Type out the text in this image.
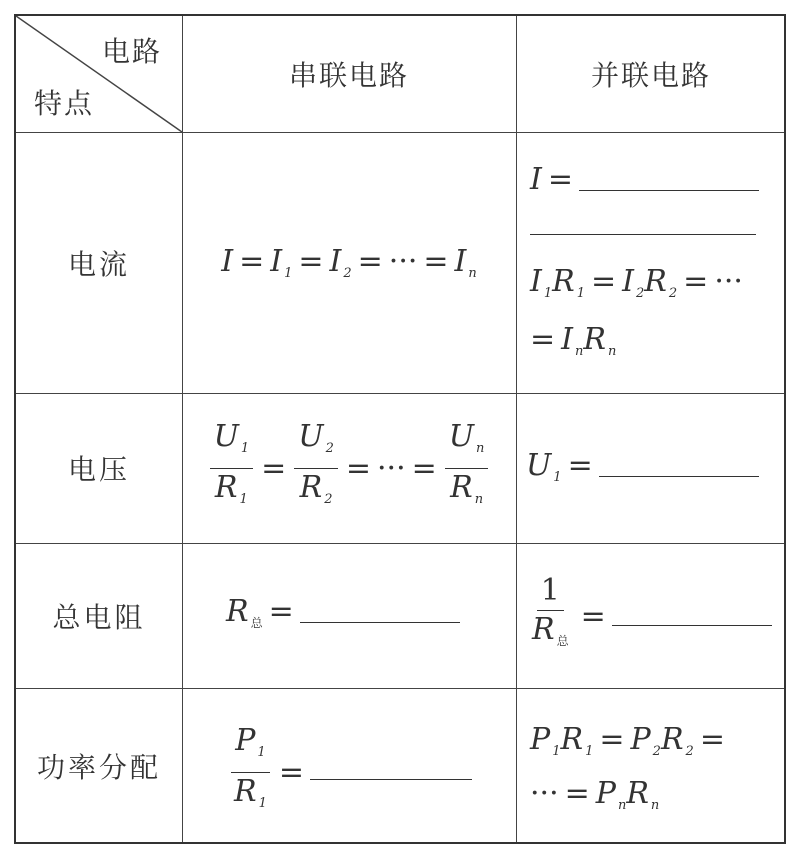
电路
特点
串联电路	并联电路
电流
电压
总电阻
功率分配
I = I $_1$ = I $_2$ = ··· = I $_n$
I =
I $_1$R $_1$ = I $_2$R $_2$ = ···
= I $_n$R $_n$
$\frac{U _1}{R _1} = \frac{U _2}{R _2}$ = ··· = $\frac{U _n}{R _n}$ U $_1$ =
R $_总$ =	$\frac{1}{R _总}$ =
$\frac{P _1}{R _1}$ =
P $_1$R $_1$ = P $_2$R $_2$ =
··· = P $_n$R $_n$
